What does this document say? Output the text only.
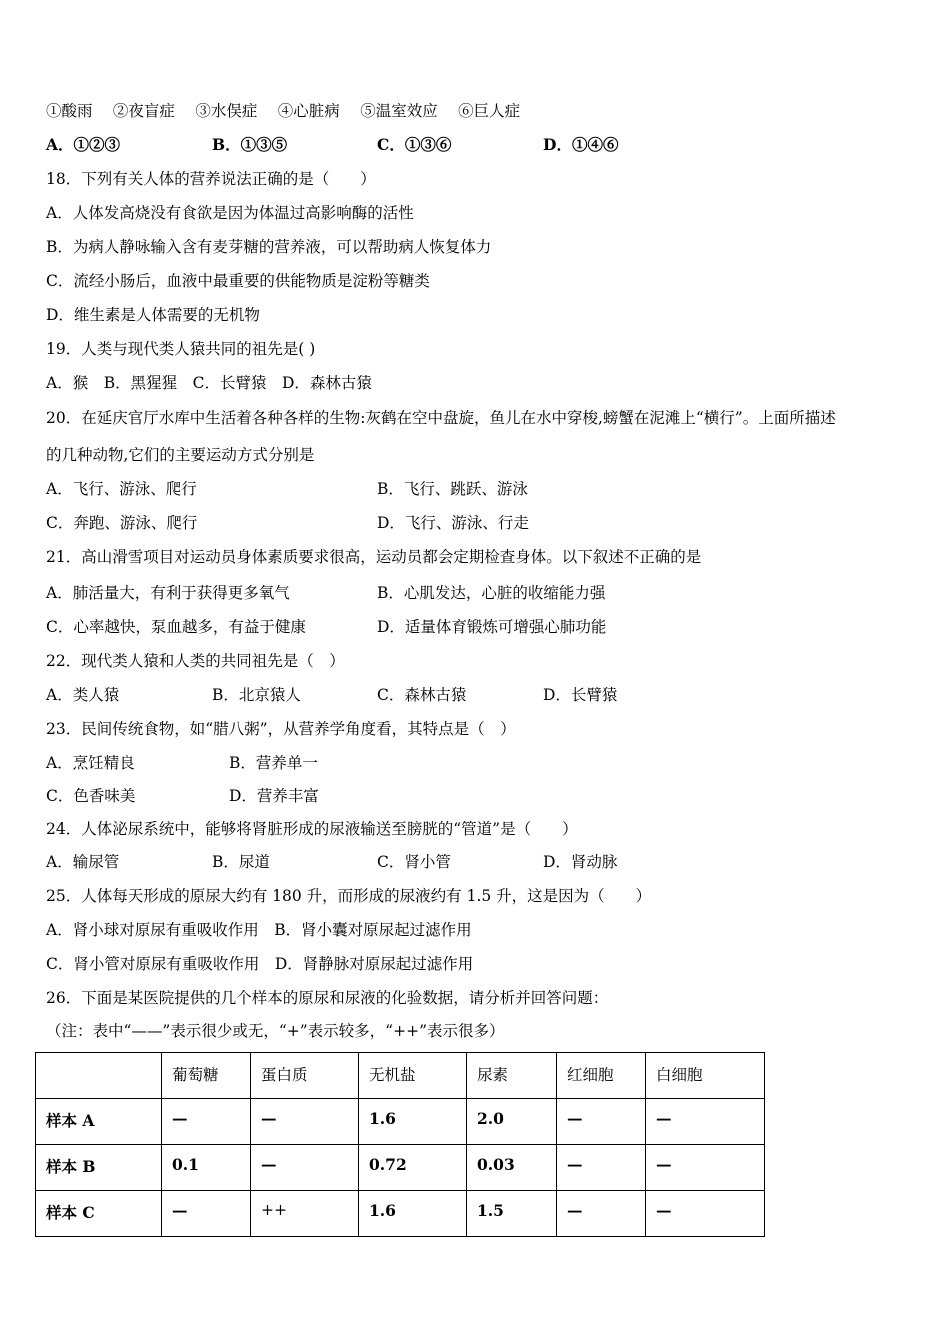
①酸雨　 ②夜盲症　 ③水俣症　 ④心脏病　 ⑤温室效应　 ⑥巨人症
A．①②③	B．①③⑤	C．①③⑥	D．①④⑥
18．下列有关人体的营养说法正确的是（　　）
A．人体发高烧没有食欲是因为体温过高影响酶的活性
B．为病人静咏输入含有麦芽糖的营养液，可以帮助病人恢复体力
C．流经小肠后，血液中最重要的供能物质是淀粉等糖类
D．维生素是人体需要的无机物
19．人类与现代类人猿共同的祖先是( )
A．猴　B．黑猩猩　C．长臂猿　D．森林古猿
20．在延庆官厅水库中生活着各种各样的生物:灰鹤在空中盘旋，鱼儿在水中穿梭,螃蟹在泥滩上“横行”。上面所描述
的几种动物,它们的主要运动方式分别是
A．飞行、游泳、爬行	B．飞行、跳跃、游泳
C．奔跑、游泳、爬行	D．飞行、游泳、行走
21．高山滑雪项目对运动员身体素质要求很高，运动员都会定期检查身体。以下叙述不正确的是
A．肺活量大，有利于获得更多氧气	B．心肌发达，心脏的收缩能力强
C．心率越快，泵血越多，有益于健康	D．适量体育锻炼可增强心肺功能
22．现代类人猿和人类的共同祖先是（　）
A．类人猿	B．北京猿人	C．森林古猿	D．长臂猿
23．民间传统食物，如“腊八粥”，从营养学角度看，其特点是（　）
A．烹饪精良	B．营养单一
C．色香味美	D．营养丰富
24．人体泌尿系统中，能够将肾脏形成的尿液输送至膀胱的“管道”是（　　）
A．输尿管	B．尿道	C．肾小管	D．肾动脉
25．人体每天形成的原尿大约有 180 升，而形成的尿液约有 1.5 升，这是因为（　　）
A．肾小球对原尿有重吸收作用　B．肾小囊对原尿起过滤作用
C．肾小管对原尿有重吸收作用　D．肾静脉对原尿起过滤作用
26．下面是某医院提供的几个样本的原尿和尿液的化验数据，请分析并回答问题：
（注：表中“——”表示很少或无，“+”表示较多，“++”表示很多）
	葡萄糖	蛋白质	无机盐	尿素	红细胞	白细胞
样本 A	—	—	1.6	2.0	—	—
样本 B	0.1	—	0.72	0.03	—	—
样本 C	—	++	1.6	1.5	—	—
